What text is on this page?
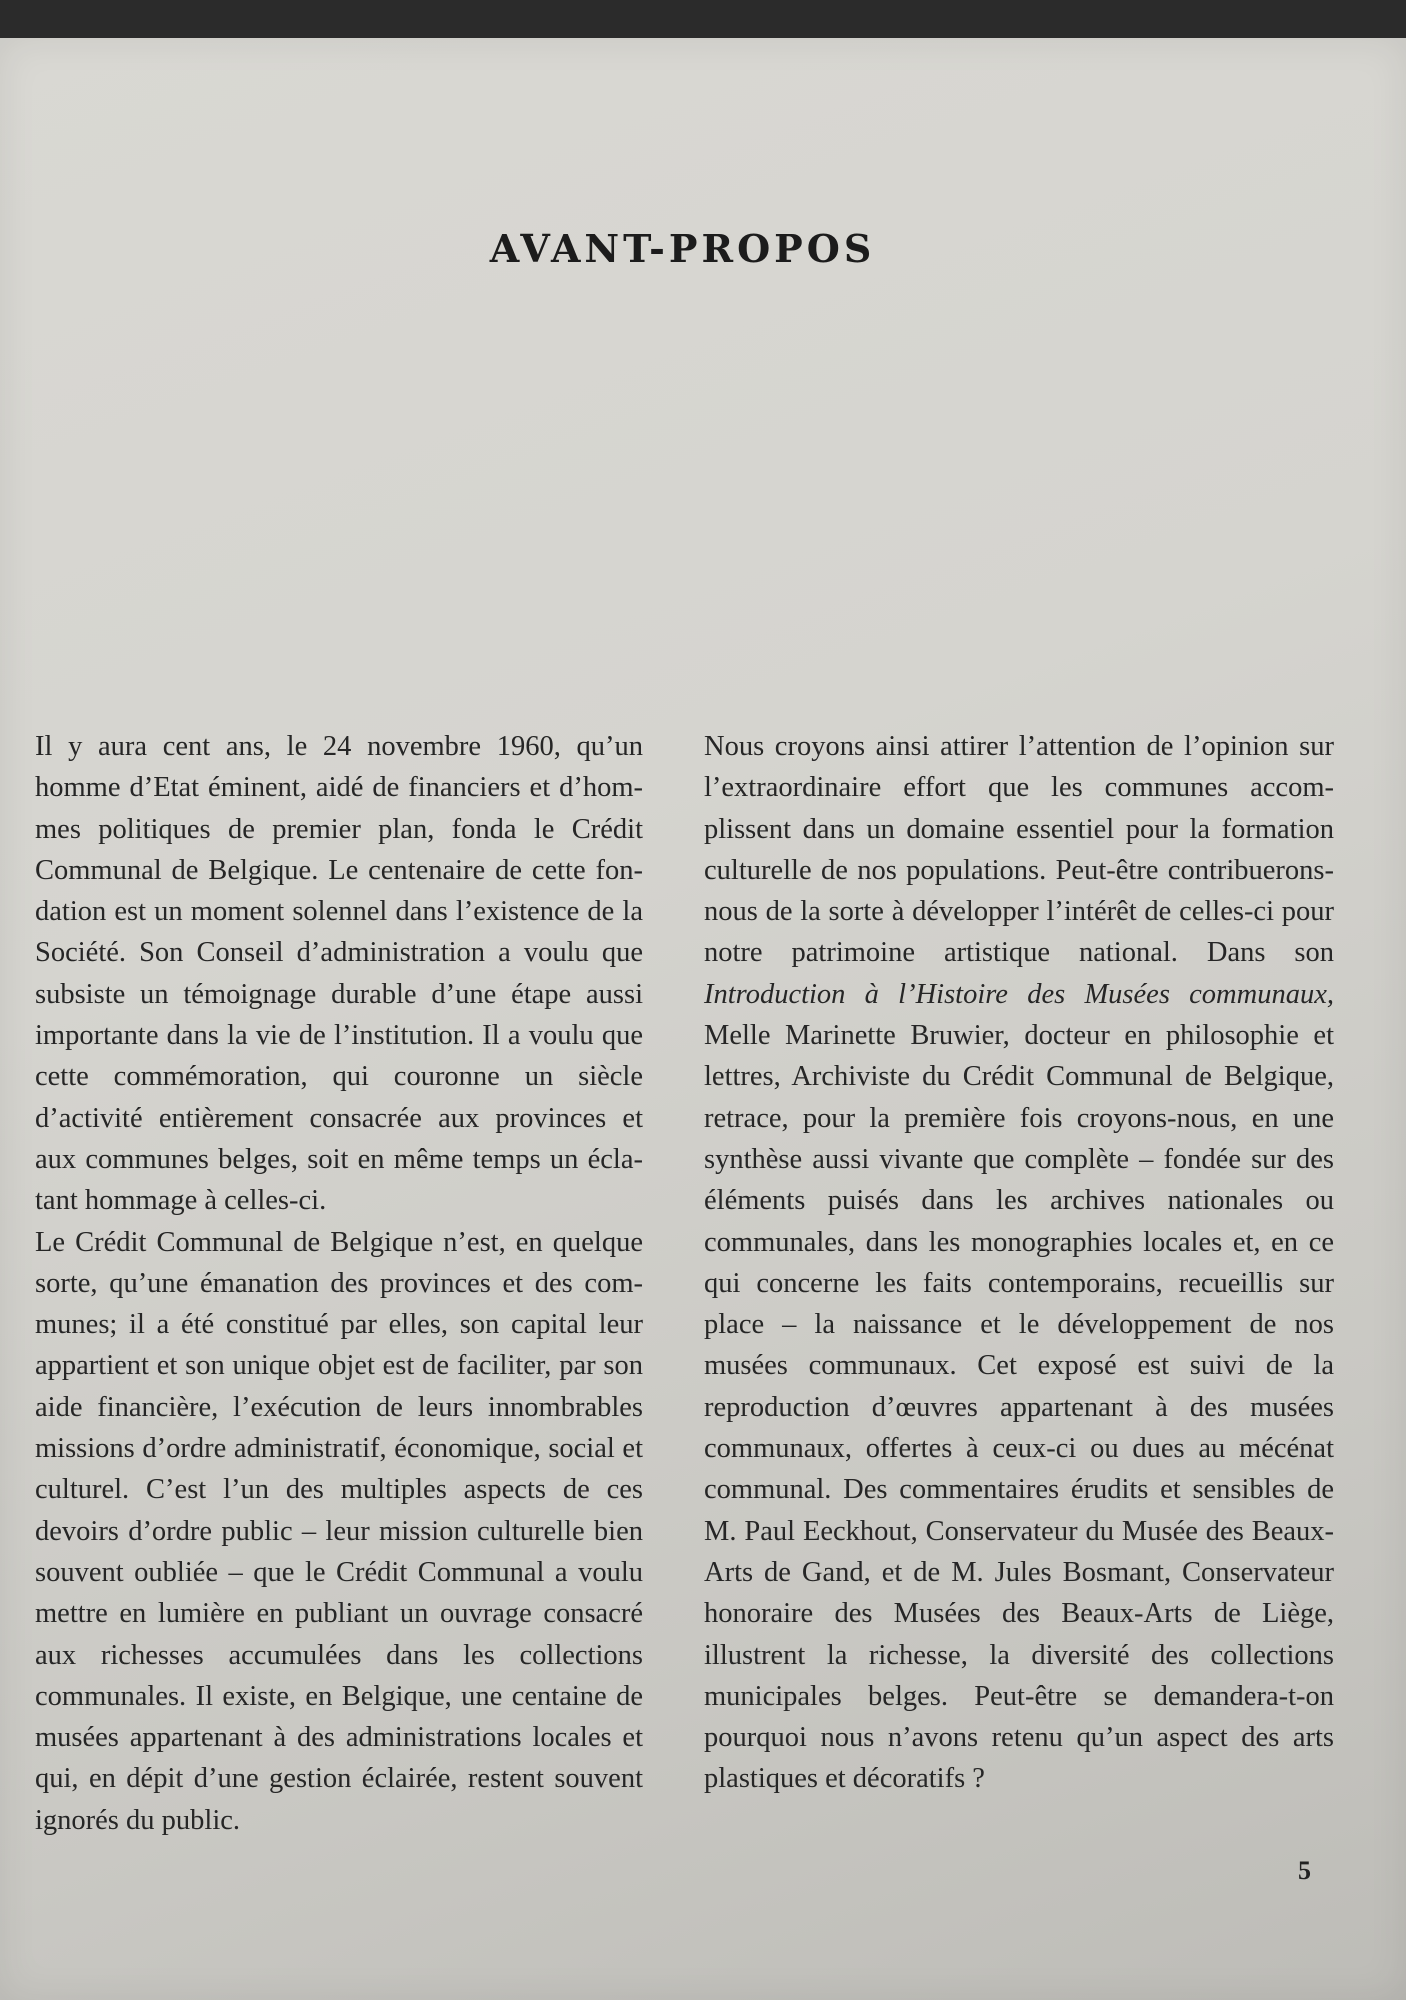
AVANT-PROPOS

Il y aura cent ans, le 24 novembre 1960, qu’un homme d’Etat éminent, aidé de financiers et d’hommes politiques de premier plan, fonda le Crédit Communal de Belgique. Le centenaire de cette fondation est un moment solennel dans l’existence de la Société. Son Conseil d’administration a voulu que subsiste un témoignage durable d’une étape aussi importante dans la vie de l’institution. Il a voulu que cette commémoration, qui couronne un siècle d’activité entièrement consacrée aux provinces et aux communes belges, soit en même temps un éclatant hommage à celles-ci.

Le Crédit Communal de Belgique n’est, en quelque sorte, qu’une émanation des provinces et des communes; il a été constitué par elles, son capital leur appartient et son unique objet est de faciliter, par son aide financière, l’exécution de leurs innombrables missions d’ordre administratif, économique, social et culturel. C’est l’un des multiples aspects de ces devoirs d’ordre public – leur mission culturelle bien souvent oubliée – que le Crédit Communal a voulu mettre en lumière en publiant un ouvrage consacré aux richesses accumulées dans les collections communales. Il existe, en Belgique, une centaine de musées appartenant à des administrations locales et qui, en dépit d’une gestion éclairée, restent souvent ignorés du public.

Nous croyons ainsi attirer l’attention de l’opinion sur l’extraordinaire effort que les communes accomplissent dans un domaine essentiel pour la formation culturelle de nos populations. Peut-être contribuerons-nous de la sorte à développer l’intérêt de celles-ci pour notre patrimoine artistique national. Dans son Introduction à l’Histoire des Musées communaux, Melle Marinette Bruwier, docteur en philosophie et lettres, Archiviste du Crédit Communal de Belgique, retrace, pour la première fois croyons-nous, en une synthèse aussi vivante que complète – fondée sur des éléments puisés dans les archives nationales ou communales, dans les monographies locales et, en ce qui concerne les faits contemporains, recueillis sur place – la naissance et le développement de nos musées communaux. Cet exposé est suivi de la reproduction d’œuvres appartenant à des musées communaux, offertes à ceux-ci ou dues au mécénat communal. Des commentaires érudits et sensibles de M. Paul Eeckhout, Conservateur du Musée des Beaux-Arts de Gand, et de M. Jules Bosmant, Conservateur honoraire des Musées des Beaux-Arts de Liège, illustrent la richesse, la diversité des collections municipales belges. Peut-être se demandera-t-on pourquoi nous n’avons retenu qu’un aspect des arts plastiques et décoratifs ?

5
